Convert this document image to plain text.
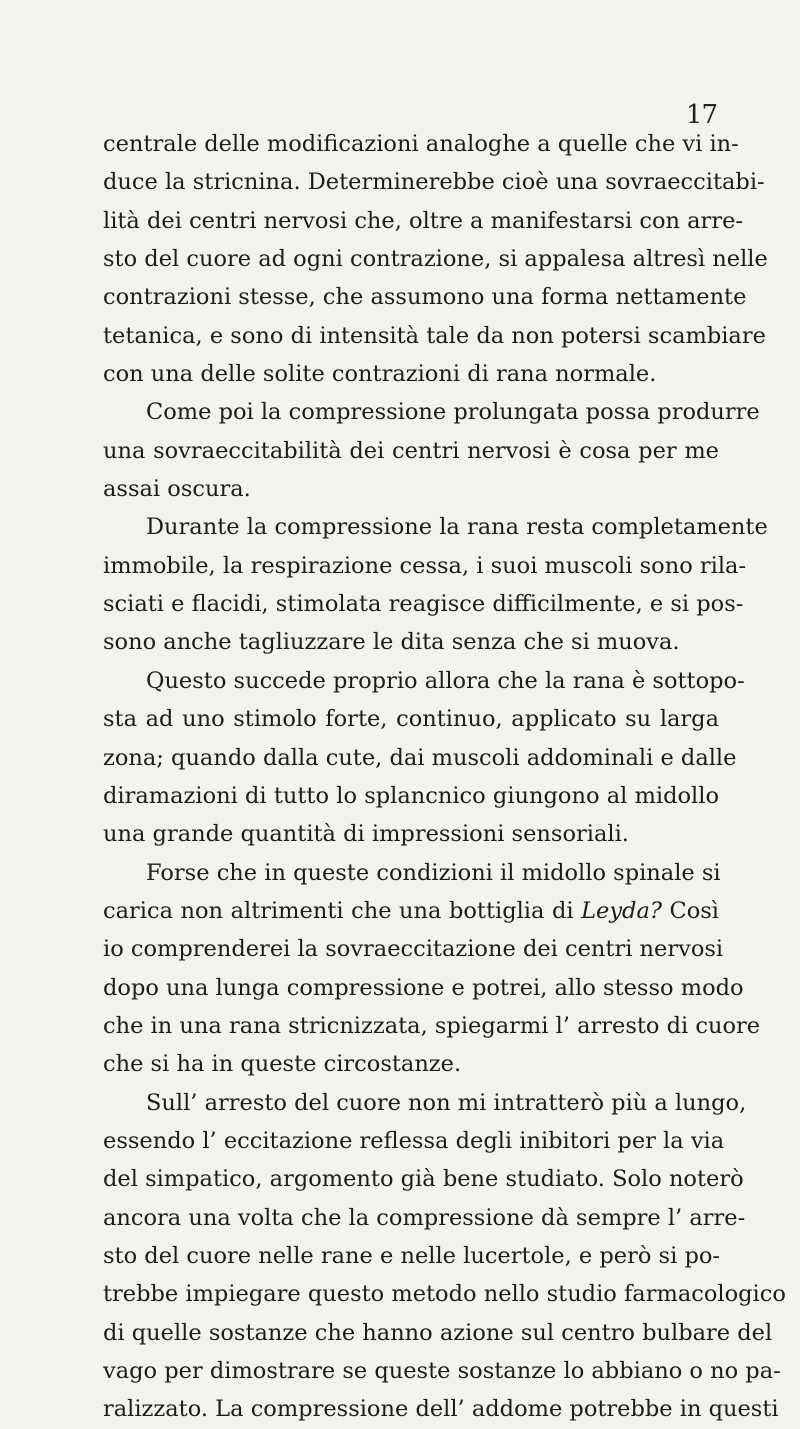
17
centrale delle modificazioni analoghe a quelle che vi in-
duce la stricnina. Determinerebbe cioè una sovraeccitabi-
lità dei centri nervosi che, oltre a manifestarsi con arre-
sto del cuore ad ogni contrazione, si appalesa altresì nelle
contrazioni stesse, che assumono una forma nettamente
tetanica, e sono di intensità tale da non potersi scambiare
con una delle solite contrazioni di rana normale.
Come poi la compressione prolungata possa produrre
una sovraeccitabilità dei centri nervosi è cosa per me
assai oscura.
Durante la compressione la rana resta completamente
immobile, la respirazione cessa, i suoi muscoli sono rila-
sciati e flacidi, stimolata reagisce difficilmente, e si pos-
sono anche tagliuzzare le dita senza che si muova.
Questo succede proprio allora che la rana è sottopo-
sta ad uno stimolo forte, continuo, applicato su larga
zona; quando dalla cute, dai muscoli addominali e dalle
diramazioni di tutto lo splancnico giungono al midollo
una grande quantità di impressioni sensoriali.
Forse che in queste condizioni il midollo spinale si
carica non altrimenti che una bottiglia di Leyda? Così
io comprenderei la sovraeccitazione dei centri nervosi
dopo una lunga compressione e potrei, allo stesso modo
che in una rana stricnizzata, spiegarmi l’ arresto di cuore
che si ha in queste circostanze.
Sull’ arresto del cuore non mi intratterò più a lungo,
essendo l’ eccitazione reflessa degli inibitori per la via
del simpatico, argomento già bene studiato. Solo noterò
ancora una volta che la compressione dà sempre l’ arre-
sto del cuore nelle rane e nelle lucertole, e però si po-
trebbe impiegare questo metodo nello studio farmacologico
di quelle sostanze che hanno azione sul centro bulbare del
vago per dimostrare se queste sostanze lo abbiano o no pa-
ralizzato. La compressione dell’ addome potrebbe in questi
